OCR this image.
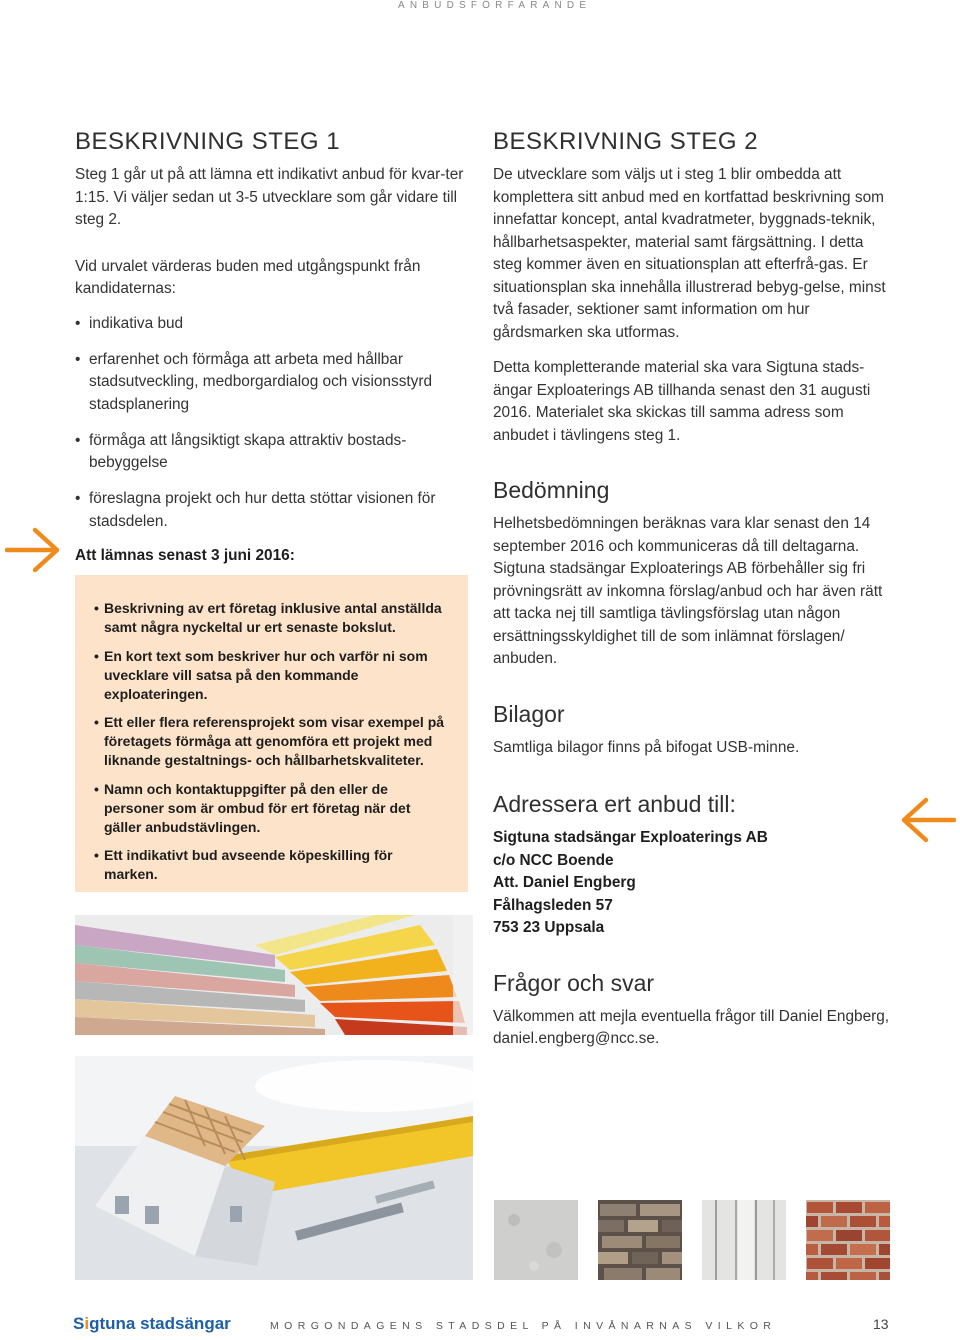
ANBUDSFÖRFARANDE
BESKRIVNING STEG 1

Steg 1 går ut på att lämna ett indikativt anbud för kvar-ter 1:15. Vi väljer sedan ut 3-5 utvecklare som går vidare till steg 2.

Vid urvalet värderas buden med utgångspunkt från kandidaternas:

• indikativa bud
• erfarenhet och förmåga att arbeta med hållbar stadsutveckling, medborgardialog och visionsstyrd stadsplanering
• förmåga att långsiktigt skapa attraktiv bostads-bebyggelse
• föreslagna projekt och hur detta stöttar visionen för stadsdelen.
Att lämnas senast 3 juni 2016:
• Beskrivning av ert företag inklusive antal anställda samt några nyckeltal ur ert senaste bokslut.
• En kort text som beskriver hur och varför ni som uvecklare vill satsa på den kommande exploateringen.
• Ett eller flera referensprojekt som visar exempel på företagets förmåga att genomföra ett projekt med liknande gestaltnings- och hållbarhetskvaliteter.
• Namn och kontaktuppgifter på den eller de personer som är ombud för ert företag när det gäller anbudstävlingen.
• Ett indikativt bud avseende köpeskilling för marken.
BESKRIVNING STEG 2

De utvecklare som väljs ut i steg 1 blir ombedda att komplettera sitt anbud med en kortfattad beskrivning som innefattar koncept, antal kvadratmeter, byggnads-teknik, hållbarhetsaspekter, material samt färgsättning. I detta steg kommer även en situationsplan att efterfrå-gas. Er situationsplan ska innehålla illustrerad bebyg-gelse, minst två fasader, sektioner samt information om hur gårdsmarken ska utformas.

Detta kompletterande material ska vara Sigtuna stads-ängar Exploaterings AB tillhanda senast den 31 augusti 2016. Materialet ska skickas till samma adress som anbudet i tävlingens steg 1.

Bedömning

Helhetsbedömningen beräknas vara klar senast den 14 september 2016 och kommuniceras då till deltagarna. Sigtuna stadsängar Exploaterings AB förbehåller sig fri prövningsrätt av inkomna förslag/anbud och har även rätt att tacka nej till samtliga tävlingsförslag utan någon ersättningsskyldighet till de som inlämnat förslagen/ anbuden.

Bilagor

Samtliga bilagor finns på bifogat USB-minne.

Adressera ert anbud till:

Sigtuna stadsängar Exploaterings AB

c/o NCC Boende

Att. Daniel Engberg

Fålhagsleden 57

753 23 Uppsala

Frågor och svar

Välkommen att mejla eventuella frågor till Daniel Engberg, daniel.engberg@ncc.se.

Sigtuna stadsängar	MORGONDAGENS STADSDEL PÅ INVÅNARNAS VILKOR	13
